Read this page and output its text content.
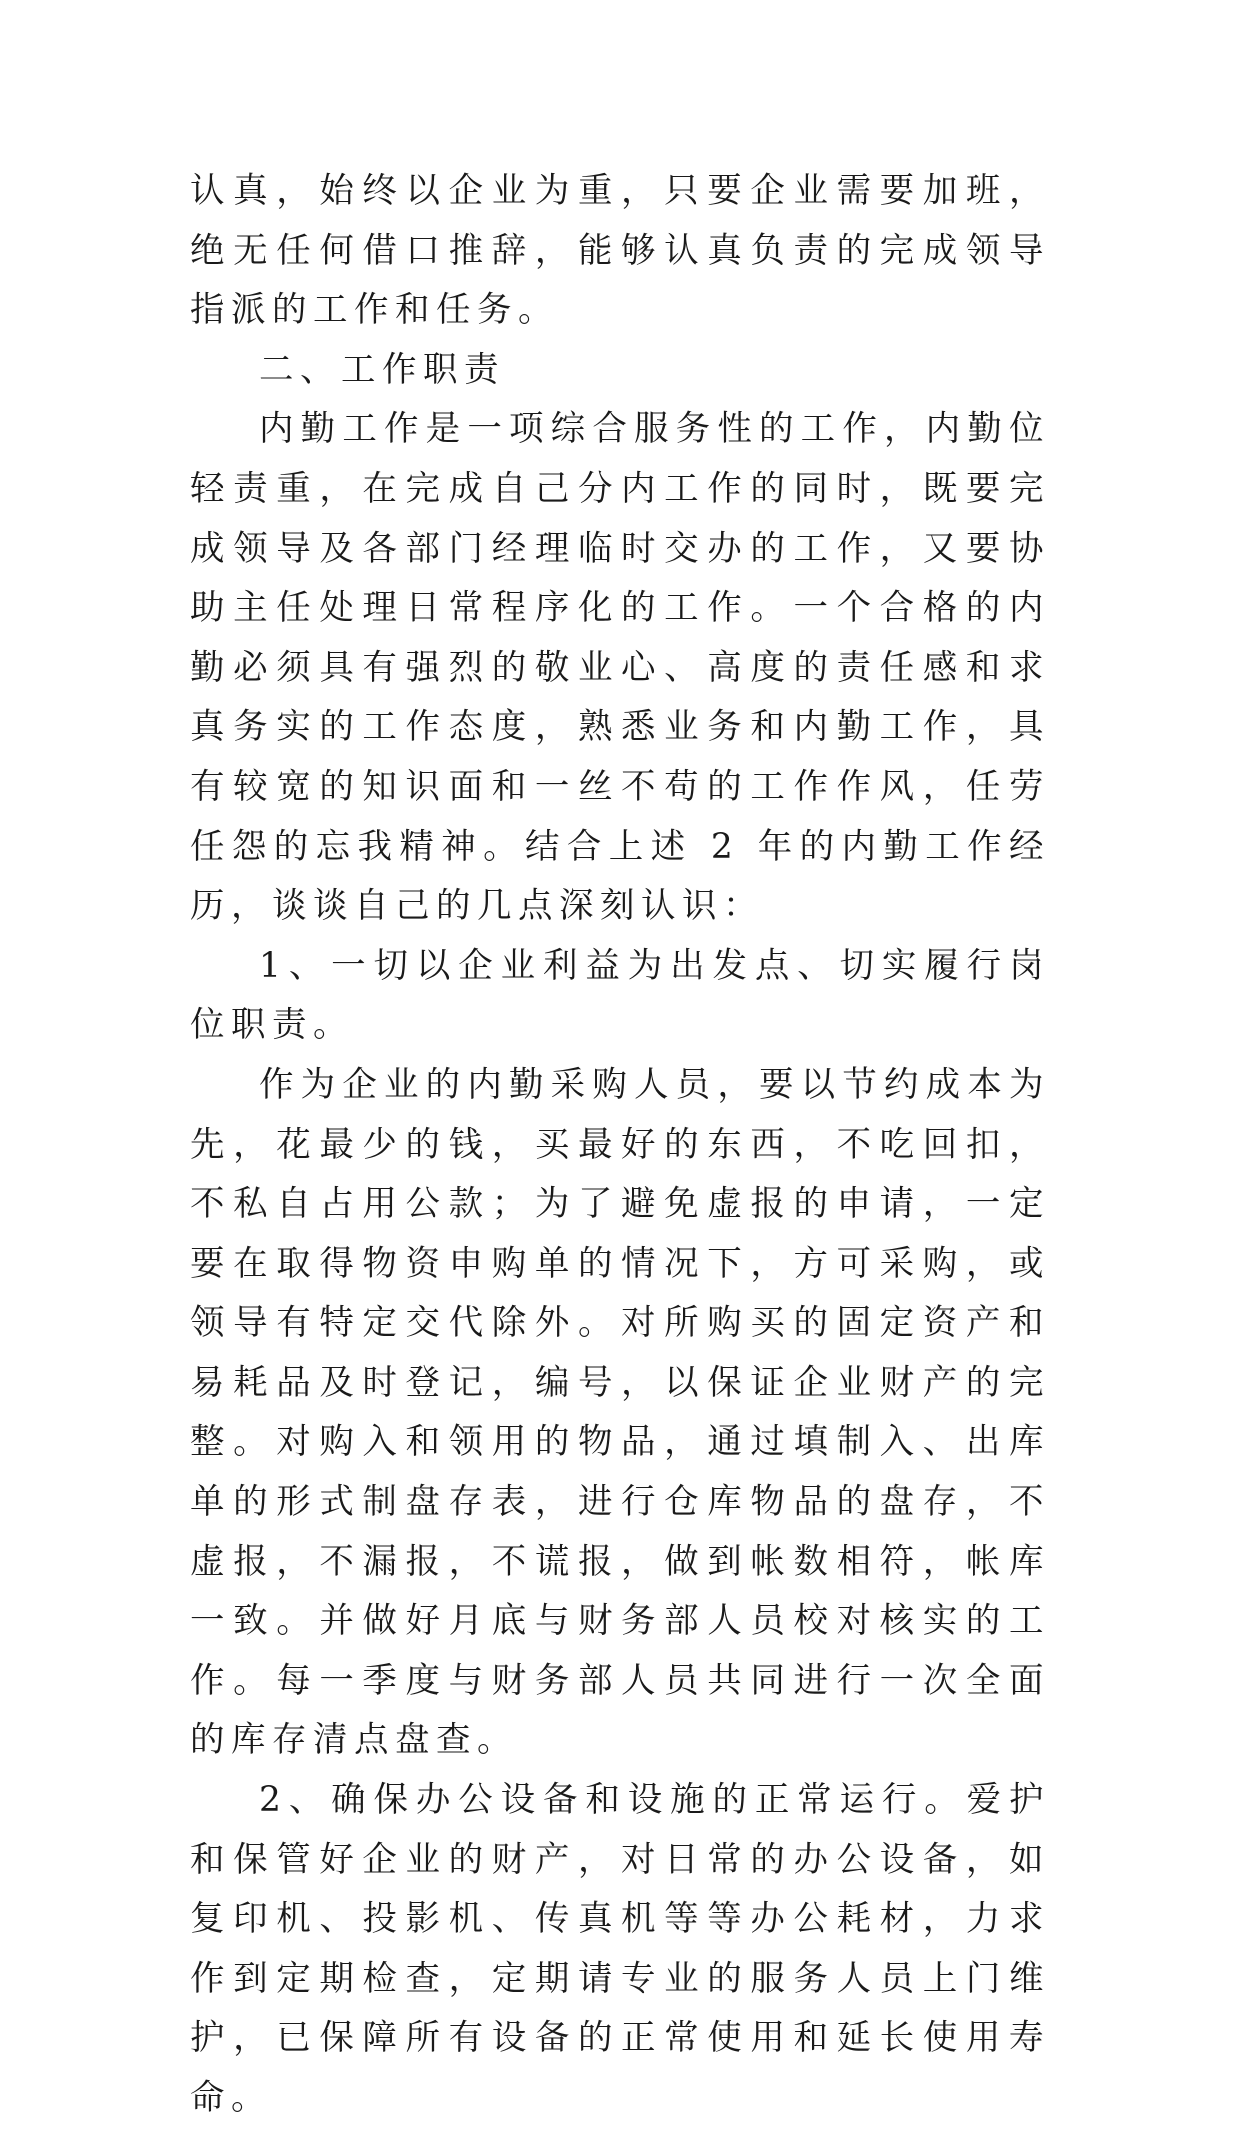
认真，始终以企业为重，只要企业需要加班，绝无任何借口推辞，能够认真负责的完成领导指派的工作和任务。

二、工作职责

内勤工作是一项综合服务性的工作，内勤位轻责重，在完成自己分内工作的同时，既要完成领导及各部门经理临时交办的工作，又要协助主任处理日常程序化的工作。一个合格的内勤必须具有强烈的敬业心、高度的责任感和求真务实的工作态度，熟悉业务和内勤工作，具有较宽的知识面和一丝不苟的工作作风，任劳任怨的忘我精神。结合上述 2 年的内勤工作经历，谈谈自己的几点深刻认识：

1、一切以企业利益为出发点、切实履行岗位职责。

作为企业的内勤采购人员，要以节约成本为先，花最少的钱，买最好的东西，不吃回扣，不私自占用公款；为了避免虚报的申请，一定要在取得物资申购单的情况下，方可采购，或领导有特定交代除外。对所购买的固定资产和易耗品及时登记，编号，以保证企业财产的完整。对购入和领用的物品，通过填制入、出库单的形式制盘存表，进行仓库物品的盘存，不虚报，不漏报，不谎报，做到帐数相符，帐库一致。并做好月底与财务部人员校对核实的工作。每一季度与财务部人员共同进行一次全面的库存清点盘查。

2、确保办公设备和设施的正常运行。爱护和保管好企业的财产，对日常的办公设备，如复印机、投影机、传真机等等办公耗材，力求作到定期检查，定期请专业的服务人员上门维护，已保障所有设备的正常使用和延长使用寿命。
